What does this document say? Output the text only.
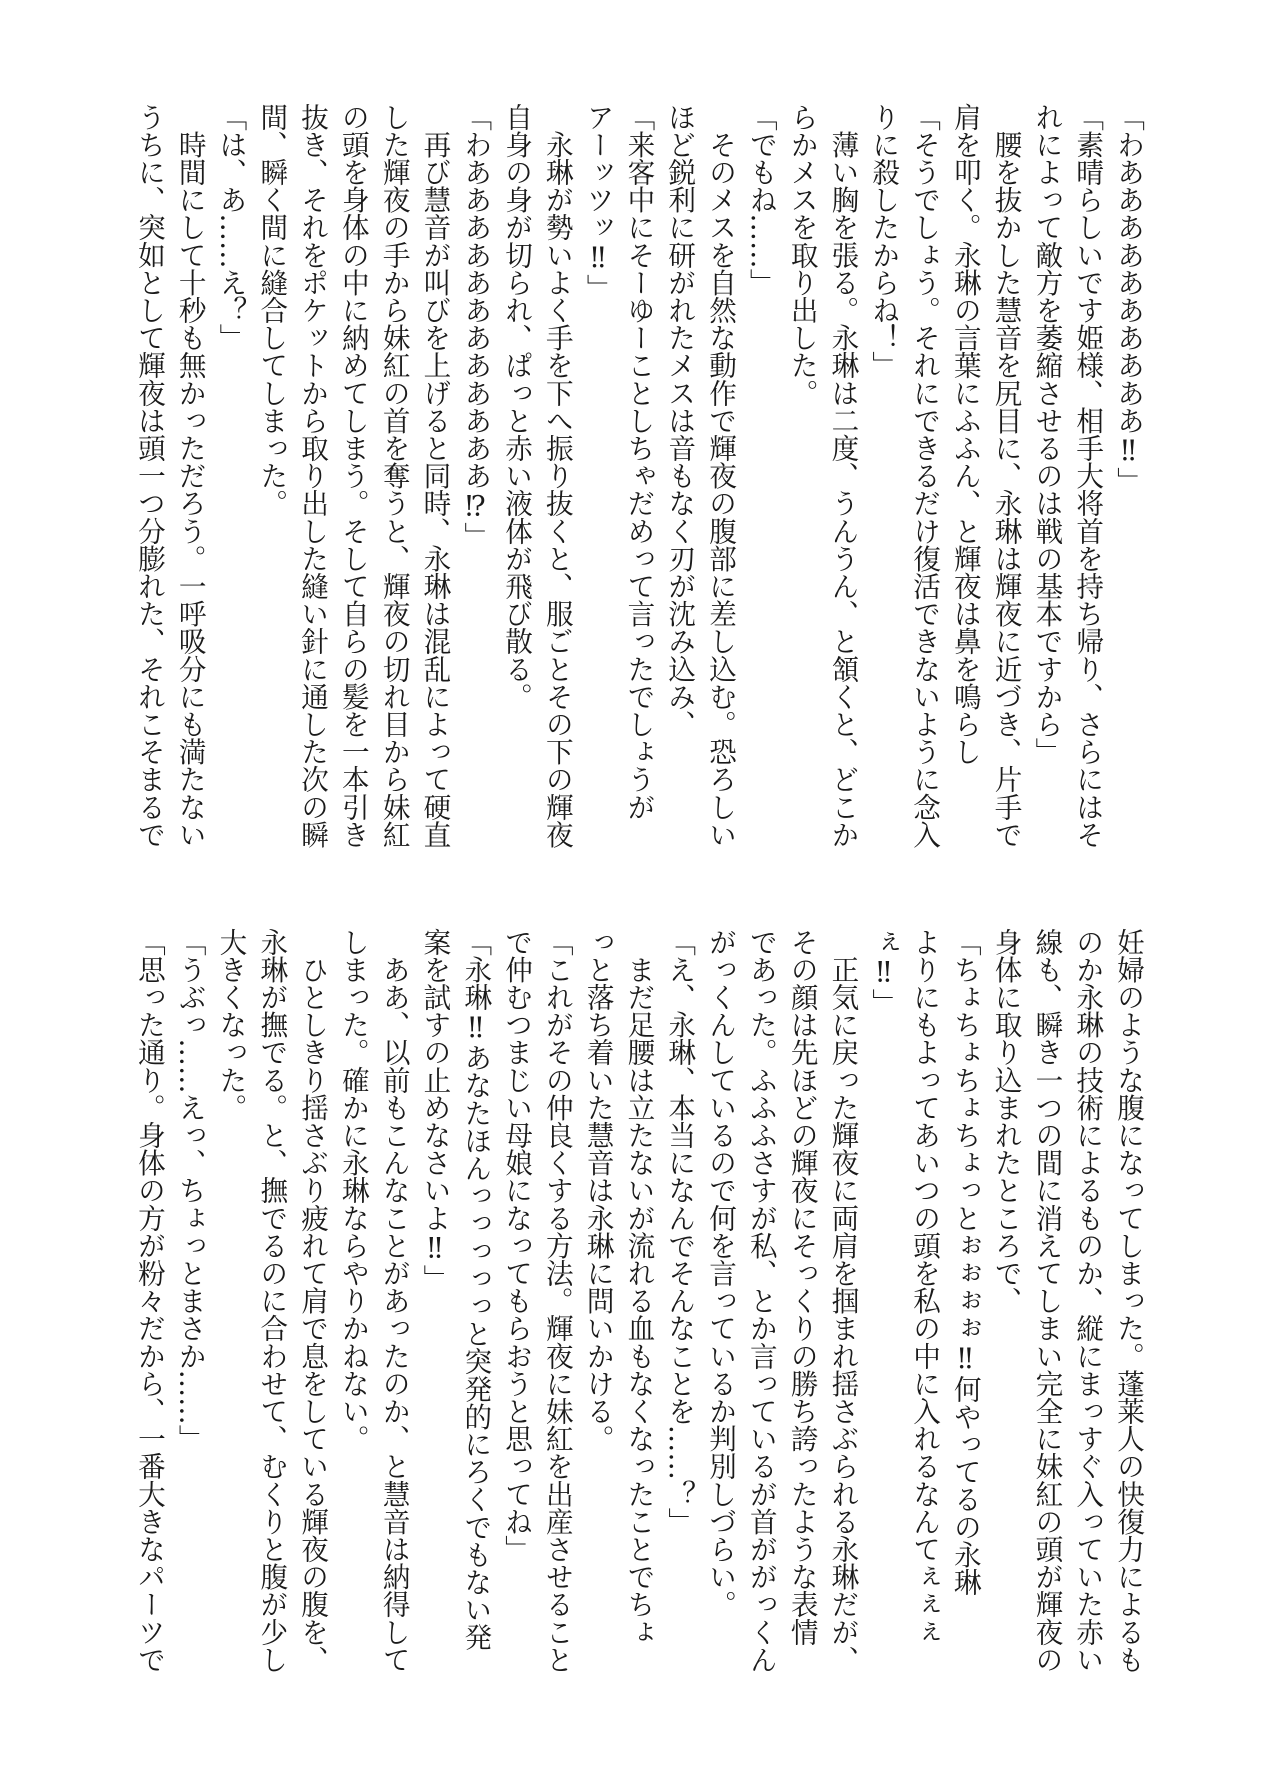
「わああああああああああ‼」
「素晴らしいです姫様、相手大将首を持ち帰り、さらにはそ
れによって敵方を萎縮させるのは戦の基本ですから」
　腰を抜かした慧音を尻目に、永琳は輝夜に近づき、片手で
肩を叩く。永琳の言葉にふふん、と輝夜は鼻を鳴らし
「そうでしょう。それにできるだけ復活できないように念入
りに殺したからね！」
　薄い胸を張る。永琳は二度、うんうん、と頷くと、どこか
らかメスを取り出した。
「でもね……」
　そのメスを自然な動作で輝夜の腹部に差し込む。恐ろしい
ほど鋭利に研がれたメスは音もなく刃が沈み込み、
「来客中にそーゆーことしちゃだめって言ったでしょうが
アーッツッ‼」
　永琳が勢いよく手を下へ振り抜くと、服ごとその下の輝夜
自身の身が切られ、ぱっと赤い液体が飛び散る。
「わああああああああああああ⁉」
　再び慧音が叫びを上げると同時、永琳は混乱によって硬直
した輝夜の手から妹紅の首を奪うと、輝夜の切れ目から妹紅
の頭を身体の中に納めてしまう。そして自らの髪を一本引き
抜き、それをポケットから取り出した縫い針に通した次の瞬
間、瞬く間に縫合してしまった。
「は、あ……え？」
　時間にして十秒も無かっただろう。一呼吸分にも満たない
うちに、突如として輝夜は頭一つ分膨れた、それこそまるで
妊婦のような腹になってしまった。蓬莱人の快復力によるも
のか永琳の技術によるものか、縦にまっすぐ入っていた赤い
線も、瞬き一つの間に消えてしまい完全に妹紅の頭が輝夜の
身体に取り込まれたところで、
「ちょちょちょちょっとぉぉぉぉ‼何やってるの永琳
よりにもよってあいつの頭を私の中に入れるなんてぇぇぇ
ぇ‼」
　正気に戻った輝夜に両肩を掴まれ揺さぶられる永琳だが、
その顔は先ほどの輝夜にそっくりの勝ち誇ったような表情
であった。ふふふさすが私、とか言っているが首ががっくん
がっくんしているので何を言っているか判別しづらい。
「え、永琳、本当になんでそんなことを……？」
　まだ足腰は立たないが流れる血もなくなったことでちょ
っと落ち着いた慧音は永琳に問いかける。
「これがその仲良くする方法。輝夜に妹紅を出産させること
で仲むつまじい母娘になってもらおうと思ってね」
「永琳‼あなたほんっっっっっと突発的にろくでもない発
案を試すの止めなさいよ‼」
　ああ、以前もこんなことがあったのか、と慧音は納得して
しまった。確かに永琳ならやりかねない。
　ひとしきり揺さぶり疲れて肩で息をしている輝夜の腹を、
永琳が撫でる。と、撫でるのに合わせて、むくりと腹が少し
大きくなった。
「うぶっ……えっ、ちょっとまさか……」
「思った通り。身体の方が粉々だから、一番大きなパーツで
